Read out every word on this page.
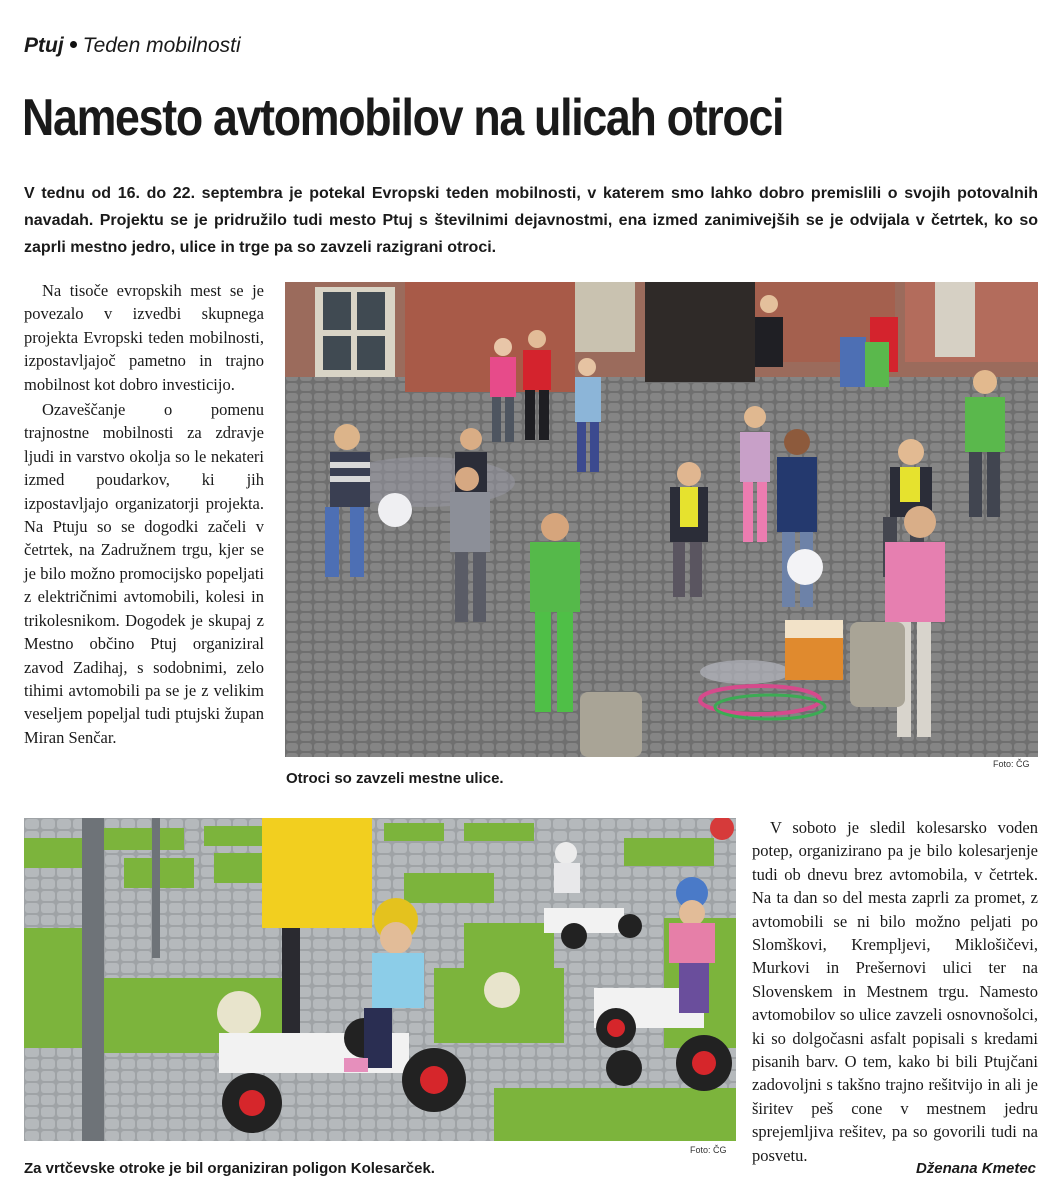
Ptuj Teden mobilnosti
Namesto avtomobilov na ulicah otroci
V tednu od 16. do 22. septembra je potekal Evropski teden mobilnosti, v katerem smo lahko dobro premislili o svojih potovalnih navadah. Projektu se je pridružilo tudi mesto Ptuj s številnimi dejavnostmi, ena izmed zanimivejših se je odvijala v četrtek, ko so zaprli mestno jedro, ulice in trge pa so zavzeli razigrani otroci.

Na tisoče evropskih mest se je povezalo v izvedbi skupnega projekta Evropski teden mobilnosti, izpostavljajoč pametno in trajno mobilnost kot dobro investicijo.

Ozaveščanje o pomenu trajnostne mobilnosti za zdravje ljudi in varstvo okolja so le nekateri izmed poudarkov, ki jih izpostavljajo organizatorji projekta. Na Ptuju so se dogodki začeli v četrtek, na Zadružnem trgu, kjer se je bilo možno promocijsko popeljati z električnimi avtomobili, kolesi in trikolesnikom. Dogodek je skupaj z Mestno občino Ptuj organiziral zavod Zadihaj, s sodobnimi, zelo tihimi avtomobili pa se je z velikim veseljem popeljal tudi ptujski župan Miran Senčar.

Foto: ČG
Otroci so zavzeli mestne ulice.
Foto: ČG
Za vrtčevske otroke je bil organiziran poligon Kolesarček.

V soboto je sledil kolesarsko voden potep, organizirano pa je bilo kolesarjenje tudi ob dnevu brez avtomobila, v četrtek. Na ta dan so del mesta zaprli za promet, z avtomobili se ni bilo možno peljati po Slomškovi, Krempljevi, Miklošičevi, Murkovi in Prešernovi ulici ter na Slovenskem in Mestnem trgu. Namesto avtomobilov so ulice zavzeli osnovnošolci, ki so dolgočasni asfalt popisali s kredami pisanih barv. O tem, kako bi bili Ptujčani zadovoljni s takšno trajno rešitvijo in ali je širitev peš cone v mestnem jedru sprejemljiva rešitev, pa so govorili tudi na posvetu.

Dženana Kmetec
